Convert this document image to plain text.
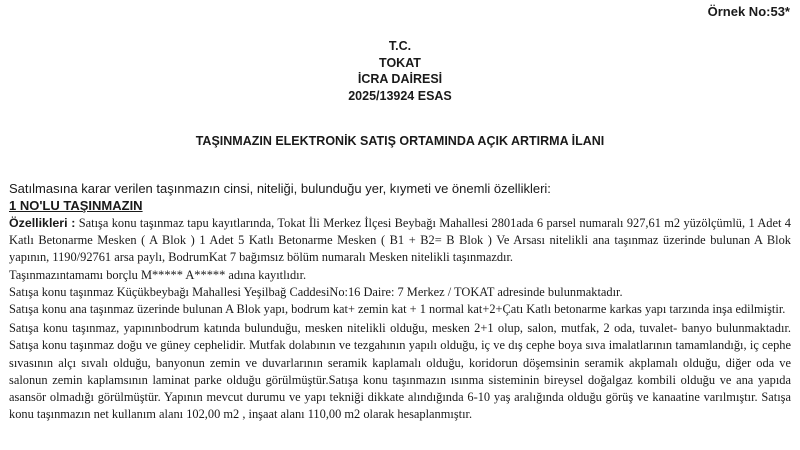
Örnek No:53*
T.C.
TOKAT
İCRA DAİRESİ
2025/13924 ESAS
TAŞINMAZIN ELEKTRONİK SATIŞ ORTAMINDA AÇIK ARTIRMA İLANI
Satılmasına karar verilen taşınmazın cinsi, niteliği, bulunduğu yer, kıymeti ve önemli özellikleri:
1 NO'LU TAŞINMAZIN

Özellikleri : Satışa konu taşınmaz tapu kayıtlarında, Tokat İli Merkez İlçesi Beybağı Mahallesi 2801ada 6 parsel numaralı 927,61 m2 yüzölçümlü, 1 Adet 4 Katlı Betonarme Mesken ( A Blok ) 1 Adet 5 Katlı Betonarme Mesken ( B1 + B2= B Blok ) Ve Arsası nitelikli ana taşınmaz üzerinde bulunan A Blok yapının, 1190/92761 arsa paylı, BodrumKat 7 bağımsız bölüm numaralı Mesken nitelikli taşınmazdır.

Taşınmazıntamamı borçlu M***** A***** adına kayıtlıdır.

Satışa konu taşınmaz Küçükbeybağı Mahallesi Yeşilbağ CaddesiNo:16 Daire: 7 Merkez / TOKAT adresinde bulunmaktadır.

Satışa konu ana taşınmaz üzerinde bulunan A Blok yapı, bodrum kat+ zemin kat + 1 normal kat+2+Çatı Katlı betonarme karkas yapı tarzında inşa edilmiştir.

Satışa konu taşınmaz, yapınınbodrum katında bulunduğu, mesken nitelikli olduğu, mesken 2+1 olup, salon, mutfak, 2 oda, tuvalet- banyo bulunmaktadır. Satışa konu taşınmaz doğu ve güney cephelidir. Mutfak dolabının ve tezgahının yapılı olduğu, iç ve dış cephe boya sıva imalatlarının tamamlandığı, iç cephe sıvasının alçı sıvalı olduğu, banyonun zemin ve duvarlarının seramik kaplamalı olduğu, koridorun döşemsinin seramik akplamalı olduğu, diğer oda ve salonun zemin kaplamsının laminat parke olduğu görülmüştür.Satışa konu taşınmazın ısınma sisteminin bireysel doğalgaz kombili olduğu ve ana yapıda asansör olmadığı görülmüştür. Yapının mevcut durumu ve yapı tekniği dikkate alındığında 6-10 yaş aralığında olduğu görüş ve kanaatine varılmıştır. Satışa konu taşınmazın net kullanım alanı 102,00 m2 , inşaat alanı 110,00 m2 olarak hesaplanmıştır.
